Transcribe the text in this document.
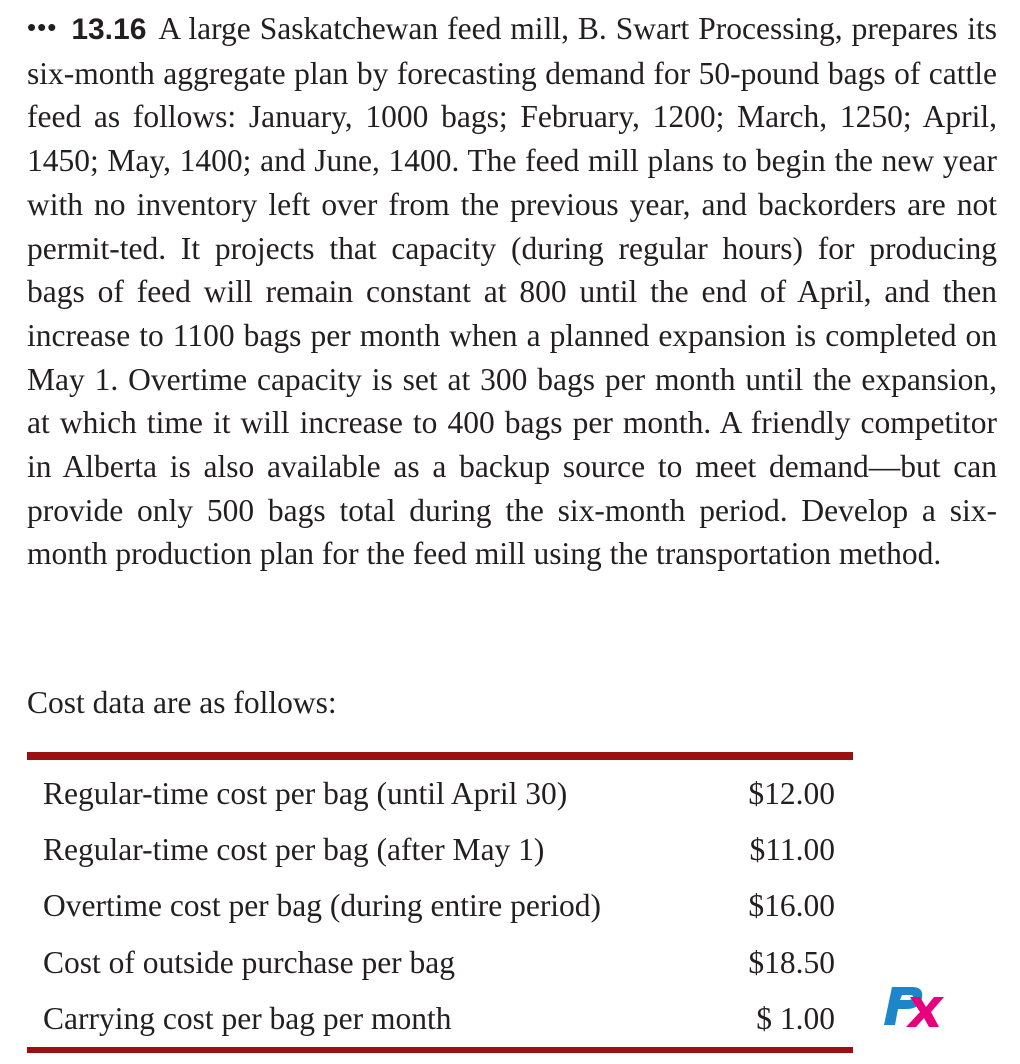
••• 13.16 A large Saskatchewan feed mill, B. Swart Processing, prepares its six-month aggregate plan by forecasting demand for 50-pound bags of cattle feed as follows: January, 1000 bags; February, 1200; March, 1250; April, 1450; May, 1400; and June, 1400. The feed mill plans to begin the new year with no inventory left over from the previous year, and backorders are not permit-ted. It projects that capacity (during regular hours) for producing bags of feed will remain constant at 800 until the end of April, and then increase to 1100 bags per month when a planned expansion is completed on May 1. Overtime capacity is set at 300 bags per month until the expansion, at which time it will increase to 400 bags per month. A friendly competitor in Alberta is also available as a backup source to meet demand—but can provide only 500 bags total during the six-month period. Develop a six-month production plan for the feed mill using the transportation method.

Cost data are as follows:

Regular-time cost per bag (until April 30)	$12.00
Regular-time cost per bag (after May 1)	$11.00
Overtime cost per bag (during entire period)	$16.00
Cost of outside purchase per bag	$18.50
Carrying cost per bag per month	$ 1.00
